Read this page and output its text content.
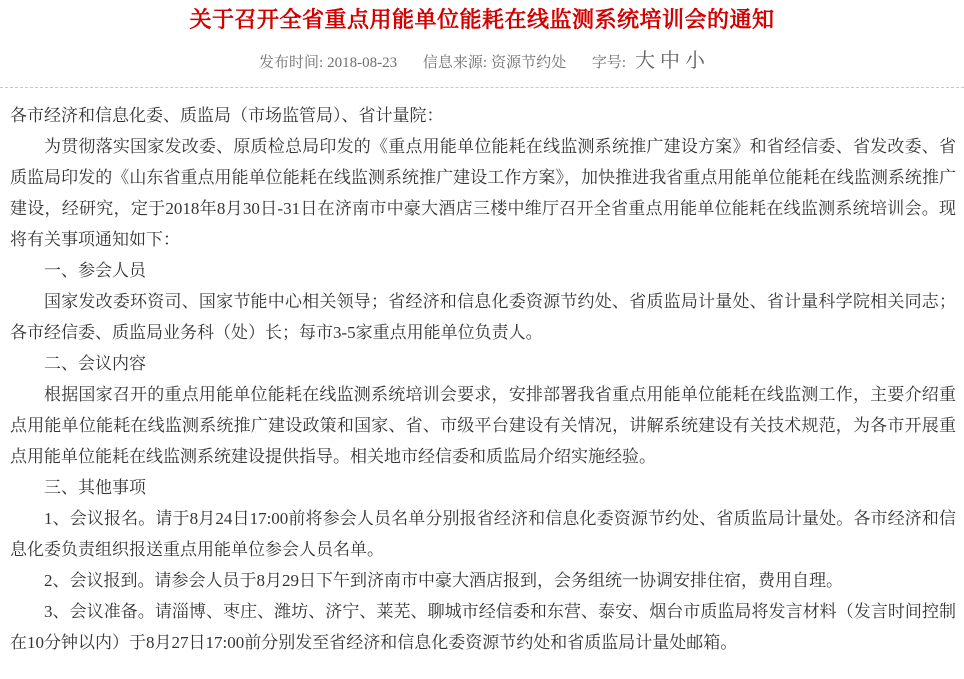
关于召开全省重点用能单位能耗在线监测系统培训会的通知
发布时间: 2018-08-23 信息来源: 资源节约处 字号: 大 中 小

各市经济和信息化委、质监局（市场监管局）、省计量院：

为贯彻落实国家发改委、原质检总局印发的《重点用能单位能耗在线监测系统推广建设方案》和省经信委、省发改委、省质监局印发的《山东省重点用能单位能耗在线监测系统推广建设工作方案》，加快推进我省重点用能单位能耗在线监测系统推广建设，经研究，定于2018年8月30日-31日在济南市中豪大酒店三楼中维厅召开全省重点用能单位能耗在线监测系统培训会。现将有关事项通知如下：

一、参会人员

国家发改委环资司、国家节能中心相关领导；省经济和信息化委资源节约处、省质监局计量处、省计量科学院相关同志；各市经信委、质监局业务科（处）长；每市3-5家重点用能单位负责人。

二、会议内容

根据国家召开的重点用能单位能耗在线监测系统培训会要求，安排部署我省重点用能单位能耗在线监测工作，主要介绍重点用能单位能耗在线监测系统推广建设政策和国家、省、市级平台建设有关情况，讲解系统建设有关技术规范，为各市开展重点用能单位能耗在线监测系统建设提供指导。相关地市经信委和质监局介绍实施经验。

三、其他事项

1、会议报名。请于8月24日17:00前将参会人员名单分别报省经济和信息化委资源节约处、省质监局计量处。各市经济和信息化委负责组织报送重点用能单位参会人员名单。

2、会议报到。请参会人员于8月29日下午到济南市中豪大酒店报到，会务组统一协调安排住宿，费用自理。

3、会议准备。请淄博、枣庄、潍坊、济宁、莱芜、聊城市经信委和东营、泰安、烟台市质监局将发言材料（发言时间控制在10分钟以内）于8月27日17:00前分别发至省经济和信息化委资源节约处和省质监局计量处邮箱。
